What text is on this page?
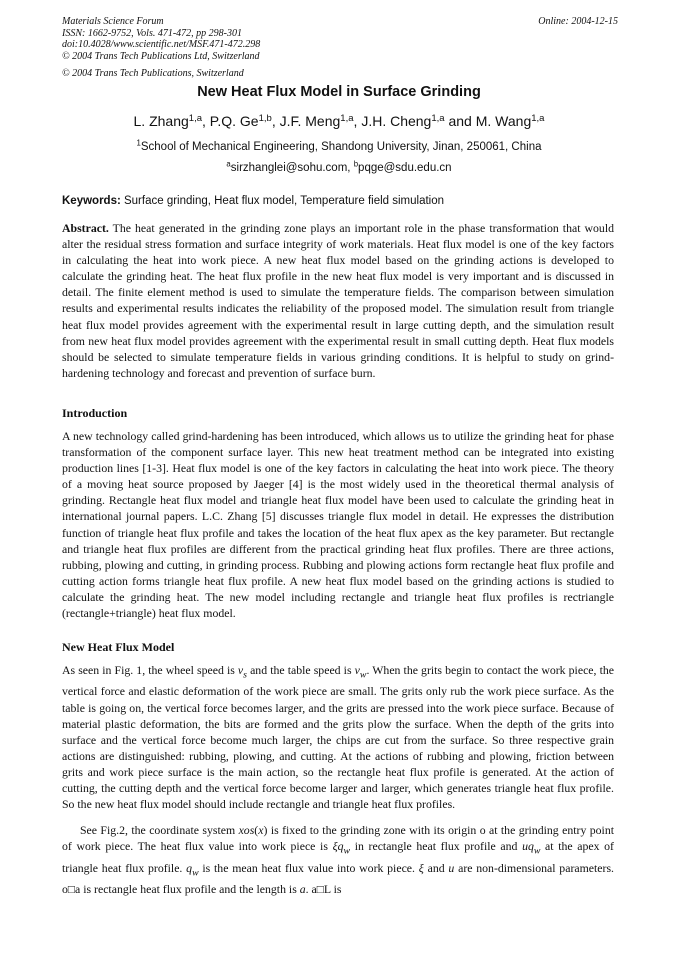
Materials Science Forum
ISSN: 1662-9752, Vols. 471-472, pp 298-301
doi:10.4028/www.scientific.net/MSF.471-472.298
© 2004 Trans Tech Publications Ltd, Switzerland
Online: 2004-12-15
© 2004 Trans Tech Publications, Switzerland
New Heat Flux Model in Surface Grinding
L. Zhang$^{1,a}$, P.Q. Ge$^{1,b}$, J.F. Meng$^{1,a}$, J.H. Cheng$^{1,a}$ and M. Wang$^{1,a}$
$^1$School of Mechanical Engineering, Shandong University, Jinan, 250061, China
$^a$sirzhanglei@sohu.com, $^b$pqge@sdu.edu.cn
Keywords: Surface grinding, Heat flux model, Temperature field simulation
Abstract. The heat generated in the grinding zone plays an important role in the phase transformation that would alter the residual stress formation and surface integrity of work materials. Heat flux model is one of the key factors in calculating the heat into work piece. A new heat flux model based on the grinding actions is developed to calculate the grinding heat. The heat flux profile in the new heat flux model is very important and is discussed in detail. The finite element method is used to simulate the temperature fields. The comparison between simulation results and experimental results indicates the reliability of the proposed model. The simulation result from triangle heat flux model provides agreement with the experimental result in large cutting depth, and the simulation result from new heat flux model provides agreement with the experimental result in small cutting depth. Heat flux models should be selected to simulate temperature fields in various grinding conditions. It is helpful to study on grind-hardening technology and forecast and prevention of surface burn.
Introduction
A new technology called grind-hardening has been introduced, which allows us to utilize the grinding heat for phase transformation of the component surface layer. This new heat treatment method can be integrated into existing production lines [1-3]. Heat flux model is one of the key factors in calculating the heat into work piece. The theory of a moving heat source proposed by Jaeger [4] is the most widely used in the theoretical thermal analysis of grinding. Rectangle heat flux model and triangle heat flux model have been used to calculate the grinding heat in international journal papers. L.C. Zhang [5] discusses triangle flux model in detail. He expresses the distribution function of triangle heat flux profile and takes the location of the heat flux apex as the key parameter. But rectangle and triangle heat flux profiles are different from the practical grinding heat flux profiles. There are three actions, rubbing, plowing and cutting, in grinding process. Rubbing and plowing actions form rectangle heat flux profile and cutting action forms triangle heat flux profile. A new heat flux model based on the grinding actions is studied to calculate the grinding heat. The new model including rectangle and triangle heat flux profiles is rectriangle (rectangle+triangle) heat flux model.
New Heat Flux Model
As seen in Fig. 1, the wheel speed is $v_s$ and the table speed is $v_w$. When the grits begin to contact the work piece, the vertical force and elastic deformation of the work piece are small. The grits only rub the work piece surface. As the table is going on, the vertical force becomes larger, and the grits are pressed into the work piece surface. Because of material plastic deformation, the bits are formed and the grits plow the surface. When the depth of the grits into surface and the vertical force become much larger, the chips are cut from the surface. So three respective grain actions are distinguished: rubbing, plowing, and cutting. At the actions of rubbing and plowing, friction between grits and work piece surface is the main action, so the rectangle heat flux profile is generated. At the action of cutting, the cutting depth and the vertical force become larger and larger, which generates triangle heat flux profile. So the new heat flux model should include rectangle and triangle heat flux profiles.
See Fig.2, the coordinate system xos(x) is fixed to the grinding zone with its origin o at the grinding entry point of work piece. The heat flux value into work piece is $\xi q_w$ in rectangle heat flux profile and $uq_w$ at the apex of triangle heat flux profile. $q_w$ is the mean heat flux value into work piece. ξ and u are non-dimensional parameters. o□a is rectangle heat flux profile and the length is a. a□L is
